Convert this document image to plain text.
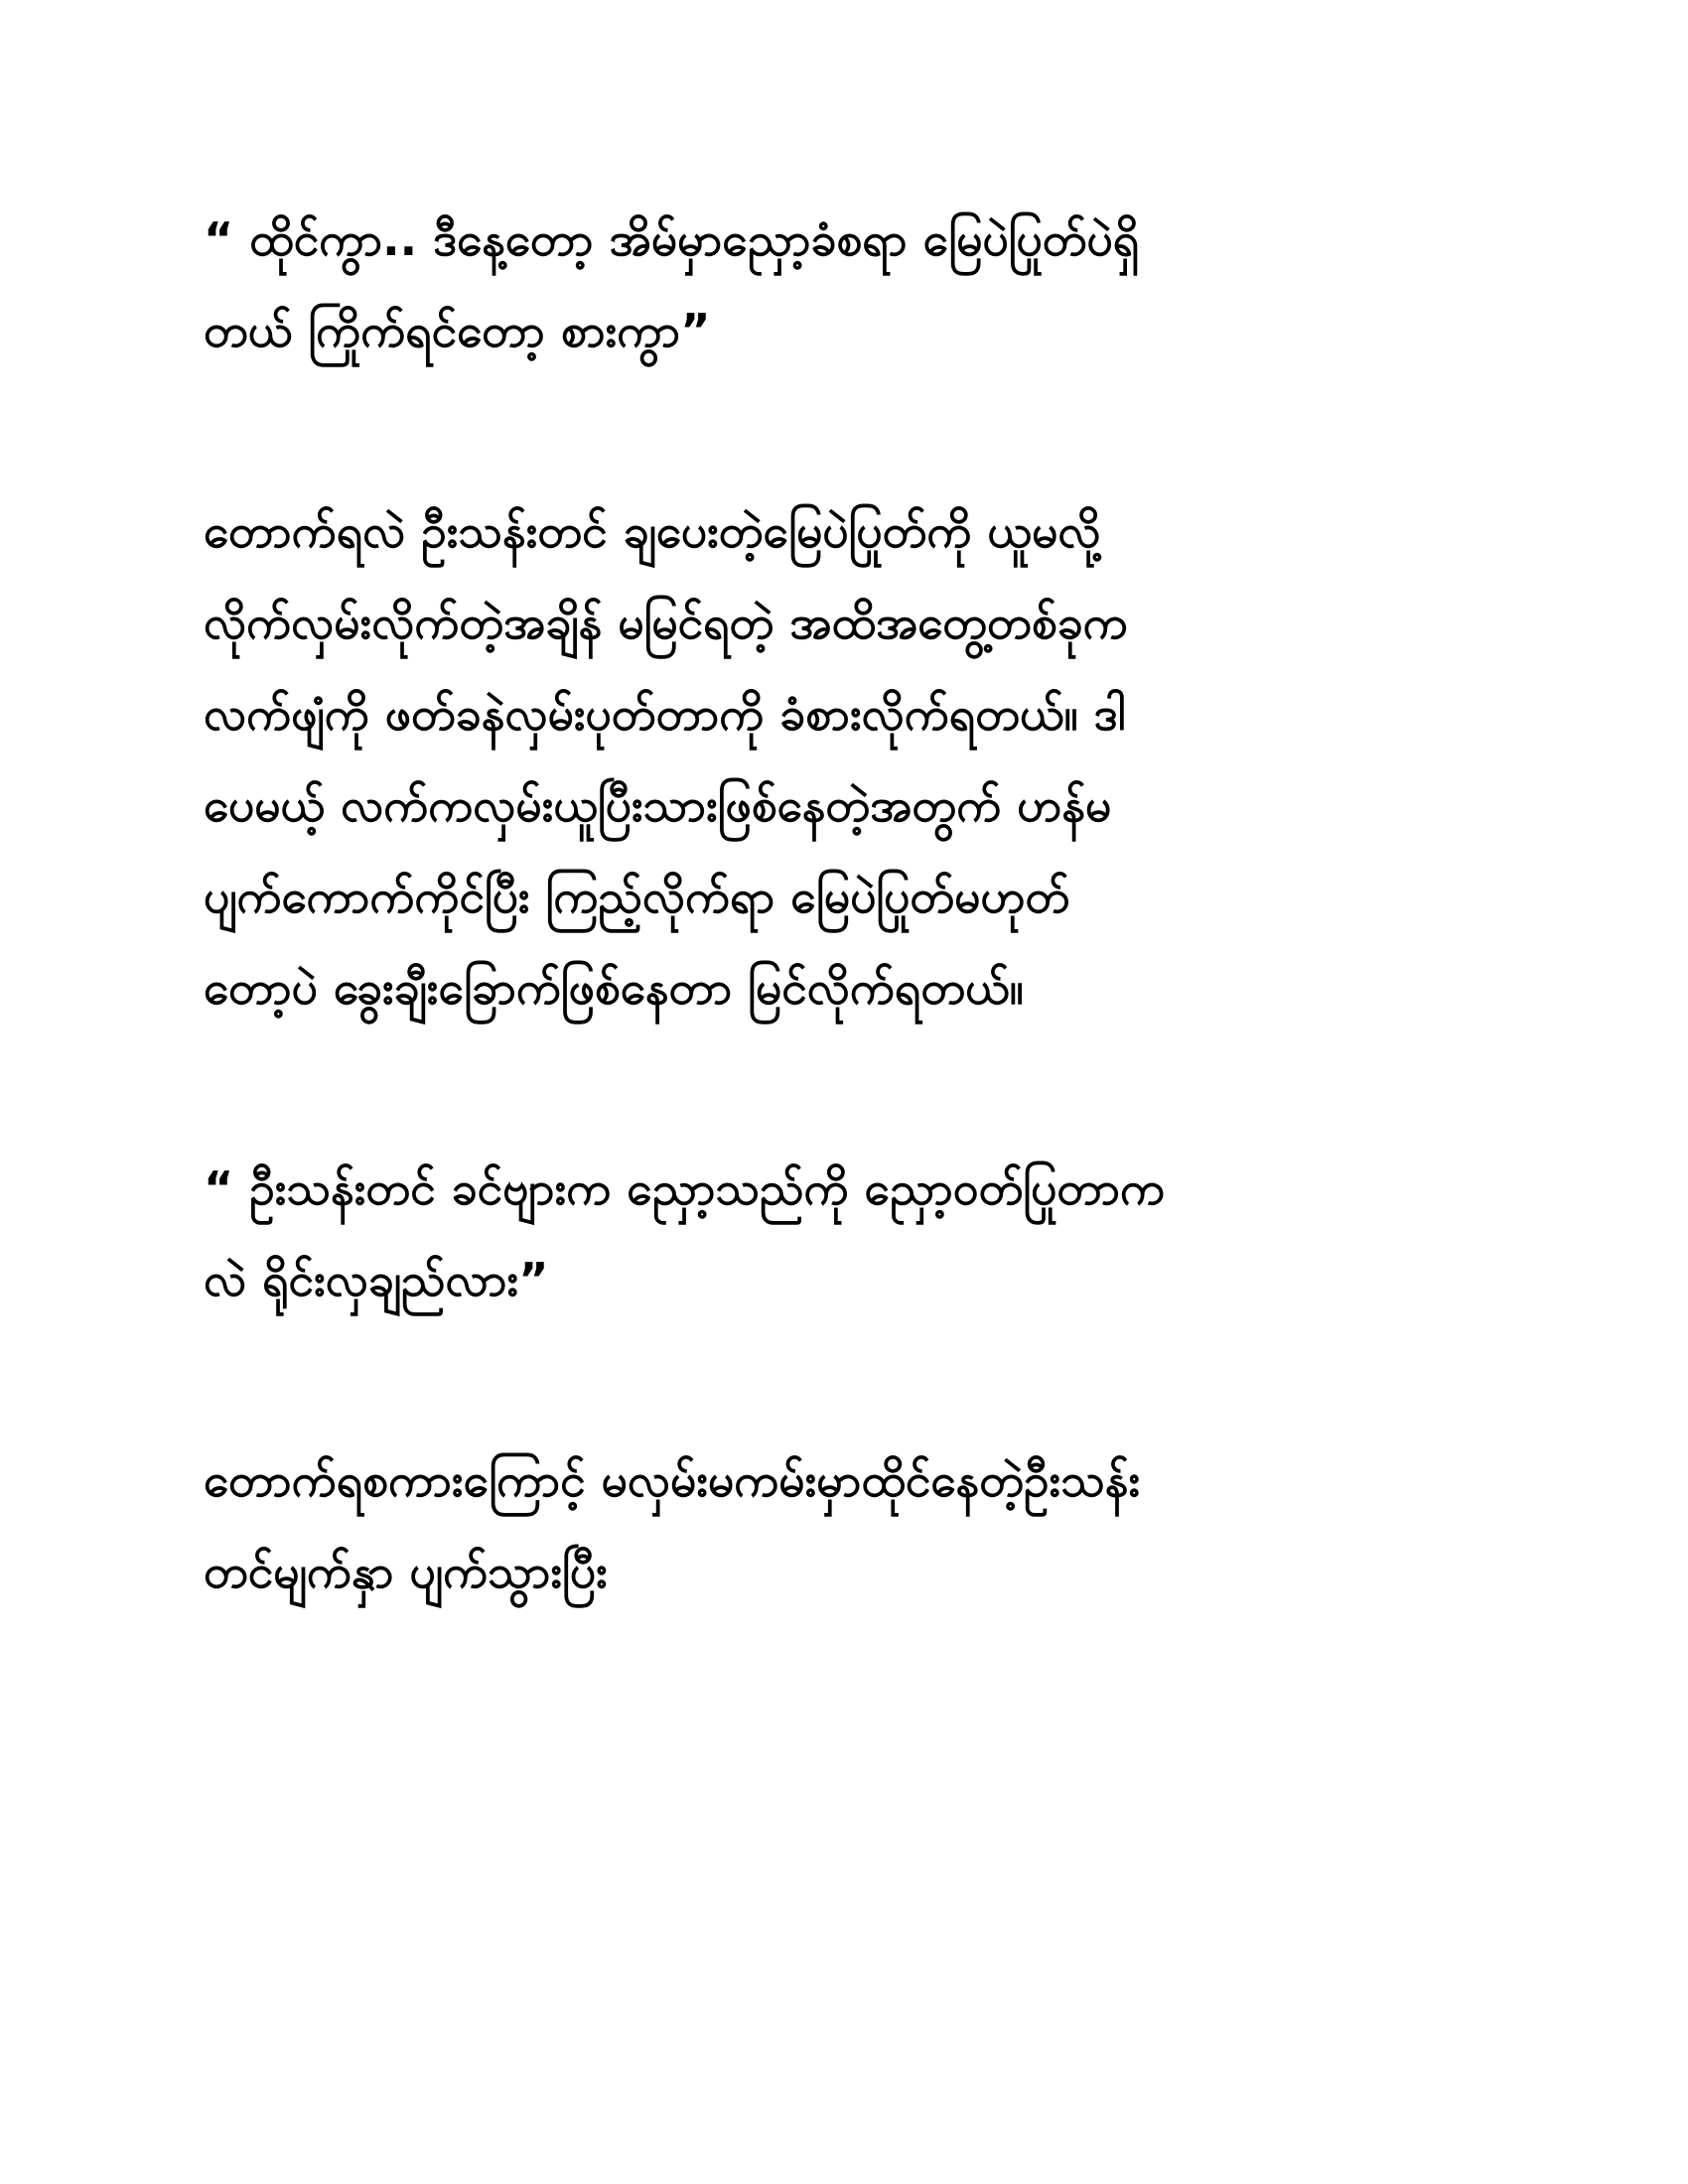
“ ထိုင်ကွာ.. ဒီနေ့တော့ အိမ်မှာညှော့ခံစရာ မြေပဲပြုတ်ပဲရှိ
တယ် ကြိုက်ရင်တော့ စားကွာ”

တောက်ရလဲ ဦးသန်းတင် ချပေးတဲ့မြေပဲပြုတ်ကို ယူမလို့
လိုက်လှမ်းလိုက်တဲ့အချိန် မမြင်ရတဲ့ အထိအတွေ့တစ်ခုက
လက်ဖျံကို ဖတ်ခနဲလှမ်းပုတ်တာကို ခံစားလိုက်ရတယ်။ ဒါ
ပေမယ့် လက်ကလှမ်းယူပြီးသားဖြစ်နေတဲ့အတွက် ဟန်မ
ပျက်ကောက်ကိုင်ပြီး ကြည့်လိုက်ရာ မြေပဲပြုတ်မဟုတ်
တော့ပဲ ခွေးချီးခြောက်ဖြစ်နေတာ မြင်လိုက်ရတယ်။

“ ဦးသန်းတင် ခင်ဗျားက ညှော့သည်ကို ညှော့ဝတ်ပြုတာက
လဲ ရိုင်းလှချည်လား”

တောက်ရစကားကြောင့် မလှမ်းမကမ်းမှာထိုင်နေတဲ့ဦးသန်း
တင်မျက်နှာ ပျက်သွားပြီး
